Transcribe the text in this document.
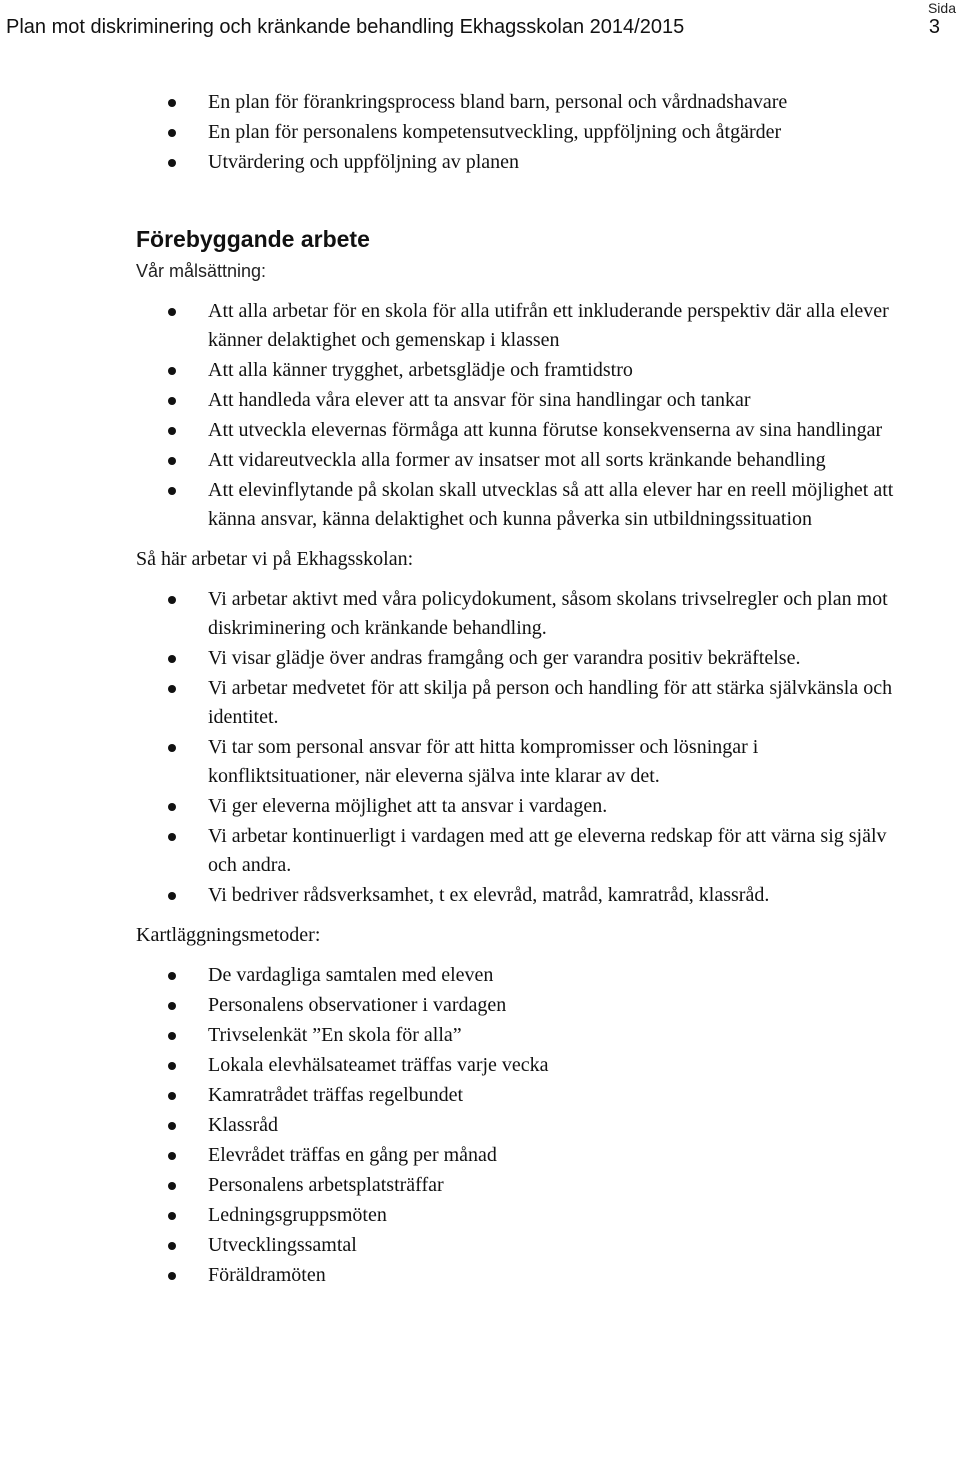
Plan mot diskriminering och kränkande behandling Ekhagsskolan 2014/2015
Sida
3
En plan för förankringsprocess bland barn, personal och vårdnadshavare
En plan för personalens kompetensutveckling, uppföljning och åtgärder
Utvärdering och uppföljning av planen
Förebyggande arbete
Vår målsättning:
Att alla arbetar för en skola för alla utifrån ett inkluderande perspektiv där alla elever känner delaktighet och gemenskap i klassen
Att alla känner trygghet, arbetsglädje och framtidstro
Att handleda våra elever att ta ansvar för sina handlingar och tankar
Att utveckla elevernas förmåga att kunna förutse konsekvenserna av sina handlingar
Att vidareutveckla alla former av insatser mot all sorts kränkande behandling
Att elevinflytande på skolan skall utvecklas så att alla elever har en reell möjlighet att känna ansvar, känna delaktighet och kunna påverka sin utbildningssituation
Så här arbetar vi på Ekhagsskolan:
Vi arbetar aktivt med våra policydokument, såsom skolans trivselregler och plan mot diskriminering och kränkande behandling.
Vi visar glädje över andras framgång och ger varandra positiv bekräftelse.
Vi arbetar medvetet för att skilja på person och handling för att stärka självkänsla och identitet.
Vi tar som personal ansvar för att hitta kompromisser och lösningar i konfliktsituationer, när eleverna själva inte klarar av det.
Vi ger eleverna möjlighet att ta ansvar i vardagen.
Vi arbetar kontinuerligt i vardagen med att ge eleverna redskap för att värna sig själv och andra.
Vi bedriver rådsverksamhet, t ex elevråd, matråd, kamratråd, klassråd.
Kartläggningsmetoder:
De vardagliga samtalen med eleven
Personalens observationer i vardagen
Trivselenkät ”En skola för alla”
Lokala elevhälsateamet träffas varje vecka
Kamratrådet träffas regelbundet
Klassråd
Elevrådet träffas en gång per månad
Personalens arbetsplatsträffar
Ledningsgruppsmöten
Utvecklingssamtal
Föräldramöten
